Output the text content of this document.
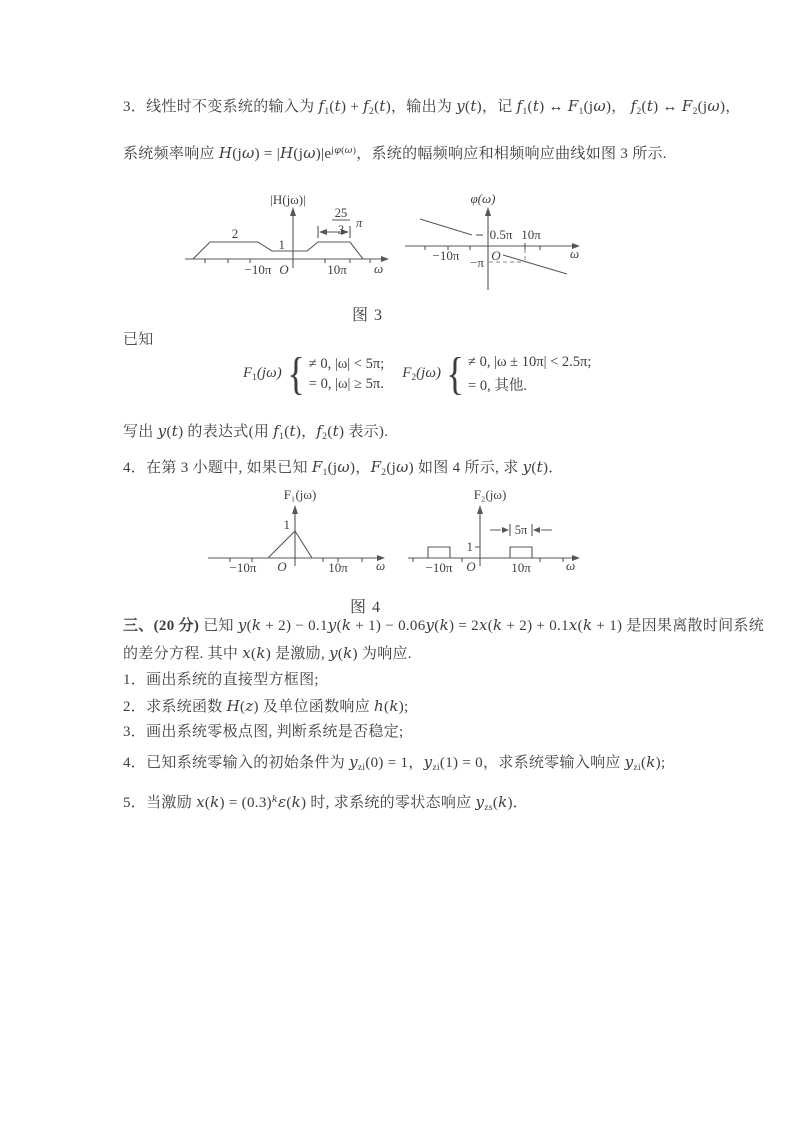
3．线性时不变系统的输入为 $f_1(t) + f_2(t)$，输出为 y(t)，记 $f_1(t)$ ↔ $F_1(j\omega)$， $f_2(t)$ ↔ $F_2(j\omega)$，
系统频率响应 $H(j\omega) = |H(j\omega)|e^{j\varphi(\omega)}$，系统的幅频响应和相频响应曲线如图 3 所示.
|H(jω)|
2
1
25
3 π
−10π O	10π ω
φ(ω)
0.5π 10π
−10π O
−π
ω
图 3
已知
$F_1(j\omega)$ { ≠ 0, |ω| < 5π;
= 0, |ω| ≥ 5π.
$F_2(j\omega)$ { ≠ 0, |ω ± 10π| < 2.5π;
= 0, 其他.
写出 y(t) 的表达式(用 $f_1(t)$，$f_2(t)$ 表示).
4．在第 3 小题中, 如果已知 $F_1(j\omega)$，$F_2(j\omega)$ 如图 4 所示, 求 y(t)．
F₁(jω)
1
−10π O	10π ω
F₂(jω)
1
5π
−10π O	10π	ω
图 4
三、(20 分) 已知 y(k + 2) − 0.1y(k + 1) − 0.06y(k) = 2x(k + 2) + 0.1x(k + 1) 是因果离散时间系统
的差分方程. 其中 x(k) 是激励, y(k) 为响应.
1．画出系统的直接型方框图;
2．求系统函数 H(z) 及单位函数响应 h(k);
3．画出系统零极点图, 判断系统是否稳定;
4．已知系统零输入的初始条件为 $y_{zi}(0) = 1$，$y_{zi}(1) = 0$，求系统零输入响应 $y_{zi}(k)$;
5．当激励 $x(k) = (0.3)^k\varepsilon(k)$ 时, 求系统的零状态响应 $y_{zs}(k)$．
